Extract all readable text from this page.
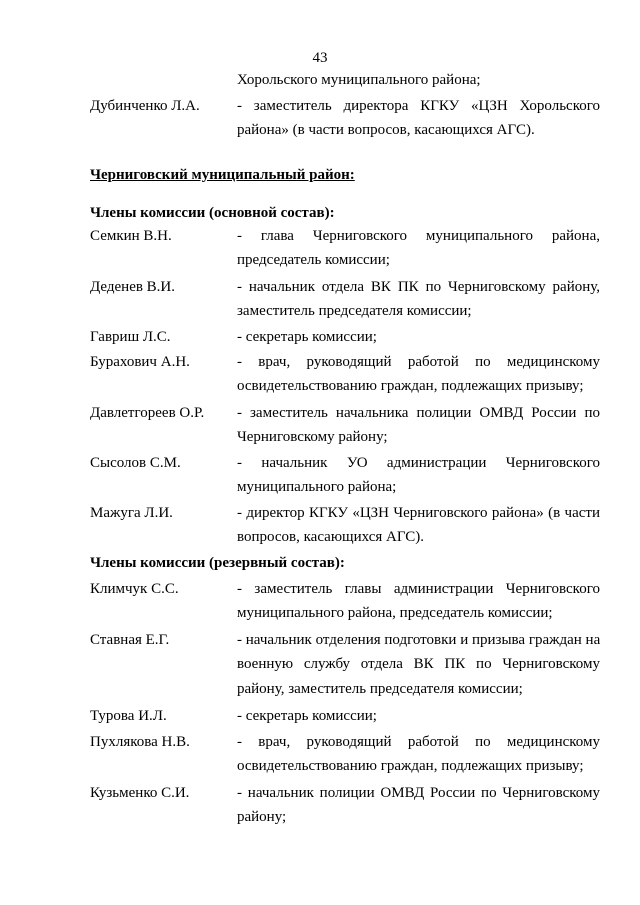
43
Хорольского муниципального района;
Дубинченко Л.А. - заместитель директора КГКУ «ЦЗН Хорольского
района» (в части вопросов, касающихся АГС).
Черниговский муниципальный район:
Члены комиссии (основной состав):
Семкин В.Н.	- глава Черниговского муниципального района,
председатель комиссии;
Деденев В.И.	- начальник отдела ВК ПК по Черниговскому району,
заместитель председателя комиссии;
Гавриш Л.С.	- секретарь комиссии;
Бурахович А.Н.	- врач, руководящий работой по медицинскому
освидетельствованию граждан, подлежащих призыву;
Давлетгореев О.Р. - заместитель начальника полиции ОМВД России по
Черниговскому району;
Сысолов С.М.	- начальник УО администрации Черниговского
муниципального района;
Мажуга Л.И.	- директор КГКУ «ЦЗН Черниговского района» (в части
вопросов, касающихся АГС).
Члены комиссии (резервный состав):
Климчук С.С.	- заместитель главы администрации Черниговского
муниципального района, председатель комиссии;
Ставная Е.Г.	- начальник отделения подготовки и призыва граждан на
военную службу отдела ВК ПК по Черниговскому
району, заместитель председателя комиссии;
Турова И.Л.	- секретарь комиссии;
Пухлякова Н.В.	- врач, руководящий работой по медицинскому
освидетельствованию граждан, подлежащих призыву;
Кузьменко С.И.	- начальник полиции ОМВД России по Черниговскому
району;
